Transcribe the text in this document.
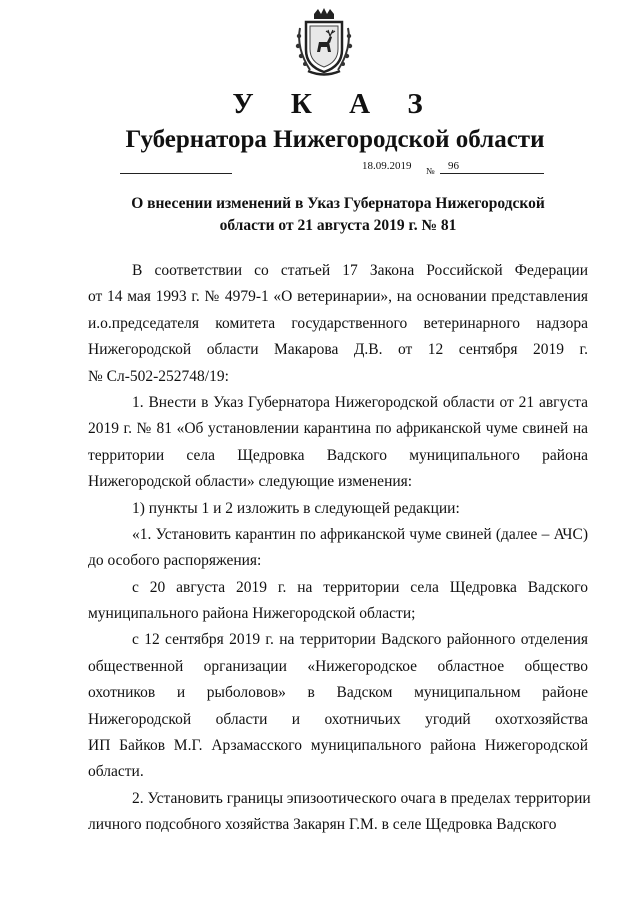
У К А З
Губернатора Нижегородской области
18.09.2019 № 96
О внесении изменений в Указ Губернатора Нижегородской
области от 21 августа 2019 г. № 81
В соответствии со статьей 17 Закона Российской Федерации
от 14 мая 1993 г. № 4979-1 «О ветеринарии», на основании представления
и.о.председателя комитета государственного ветеринарного надзора
Нижегородской области Макарова Д.В. от 12 сентября 2019 г.
№ Сл-502-252748/19:
1. Внести в Указ Губернатора Нижегородской области от 21 августа
2019 г. № 81 «Об установлении карантина по африканской чуме свиней на
территории села Щедровка Вадского муниципального района
Нижегородской области» следующие изменения:
1) пункты 1 и 2 изложить в следующей редакции:
«1. Установить карантин по африканской чуме свиней (далее – АЧС)
до особого распоряжения:
с 20 августа 2019 г. на территории села Щедровка Вадского
муниципального района Нижегородской области;
с 12 сентября 2019 г. на территории Вадского районного отделения
общественной организации «Нижегородское областное общество
охотников и рыболовов» в Вадском муниципальном районе
Нижегородской области и охотничьих угодий охотхозяйства
ИП Байков М.Г. Арзамасского муниципального района Нижегородской
области.
2. Установить границы эпизоотического очага в пределах территории
личного подсобного хозяйства Закарян Г.М. в селе Щедровка Вадского
